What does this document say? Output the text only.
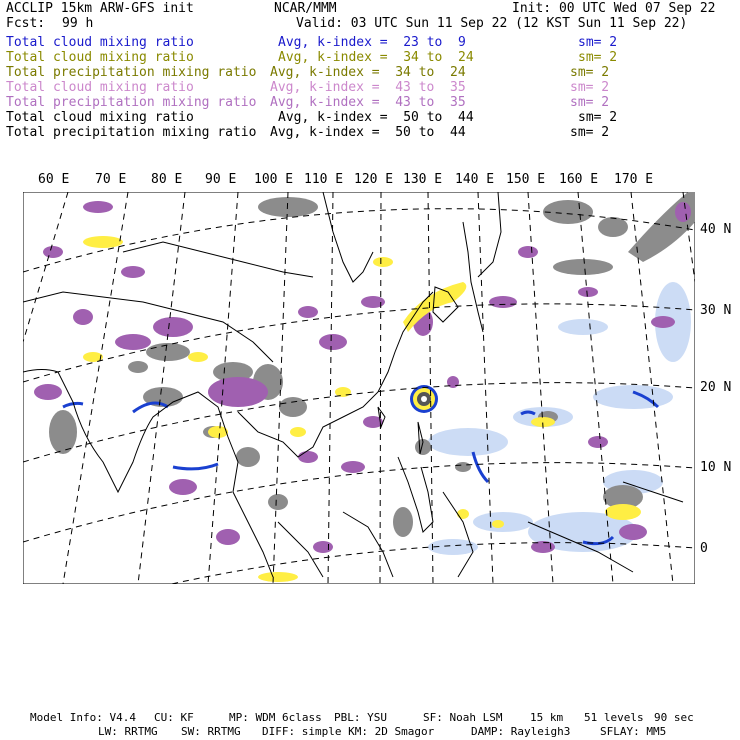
ACCLIP 15km ARW-GFS init	NCAR/MMM	Init: 00 UTC Wed 07 Sep 22
Fcst: 99 h	Valid: 03 UTC Sun 11 Sep 22 (12 KST Sun 11 Sep 22)
Total cloud mixing ratio	Avg, k-index =  23 to  9	sm= 2
Total cloud mixing ratio	Avg, k-index =  34 to  24	sm= 2
Total precipitation mixing ratio Avg, k-index =  34 to  24	sm= 2
Total cloud mixing ratio	Avg, k-index =  43 to  35	sm= 2
Total precipitation mixing ratio Avg, k-index =  43 to  35	sm= 2
Total cloud mixing ratio	Avg, k-index =  50 to  44	sm= 2
Total precipitation mixing ratio Avg, k-index =  50 to  44	sm= 2
60 E 70 E 80 E 90 E 100 E 110 E 120 E 130 E 140 E 150 E 160 E 170 E
40 N
30 N
20 N
10 N
0
Model Info: V4.4 CU: KF	MP: WDM 6class PBL: YSU	SF: Noah LSM	15 km 51 levels 90 sec
LW: RRTMG SW: RRTMG DIFF: simple KM: 2D Smagor	DAMP: Rayleigh3	SFLAY: MM5
